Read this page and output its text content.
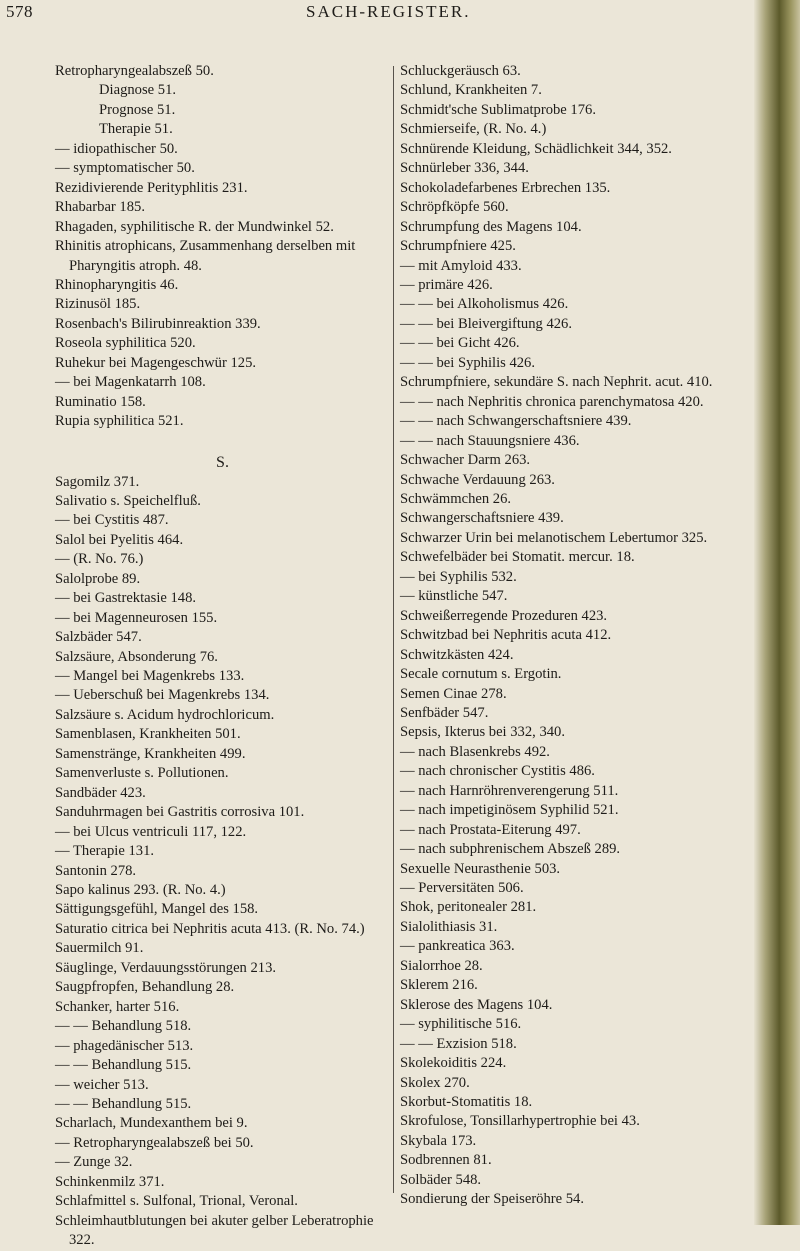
578	SACH-REGISTER.
Retropharyngealabszeß 50.
Diagnose 51.
Prognose 51.
Therapie 51.
— idiopathischer 50.
— symptomatischer 50.
Rezidivierende Perityphlitis 231.
Rhabarbar 185.
Rhagaden, syphilitische R. der Mundwinkel 52.
Rhinitis atrophicans, Zusammenhang derselben mit Pharyngitis atroph. 48.
Rhinopharyngitis 46.
Rizinusöl 185.
Rosenbach's Bilirubinreaktion 339.
Roseola syphilitica 520.
Ruhekur bei Magengeschwür 125.
— bei Magenkatarrh 108.
Ruminatio 158.
Rupia syphilitica 521.
S.
Sagomilz 371.
Salivatio s. Speichelfluß.
— bei Cystitis 487.
Salol bei Pyelitis 464.
— (R. No. 76.)
Salolprobe 89.
— bei Gastrektasie 148.
— bei Magenneurosen 155.
Salzbäder 547.
Salzsäure, Absonderung 76.
— Mangel bei Magenkrebs 133.
— Ueberschuß bei Magenkrebs 134.
Salzsäure s. Acidum hydrochloricum.
Samenblasen, Krankheiten 501.
Samenstränge, Krankheiten 499.
Samenverluste s. Pollutionen.
Sandbäder 423.
Sanduhrmagen bei Gastritis corrosiva 101.
— bei Ulcus ventriculi 117, 122.
— Therapie 131.
Santonin 278.
Sapo kalinus 293. (R. No. 4.)
Sättigungsgefühl, Mangel des 158.
Saturatio citrica bei Nephritis acuta 413. (R. No. 74.)
Sauermilch 91.
Säuglinge, Verdauungsstörungen 213.
Saugpfropfen, Behandlung 28.
Schanker, harter 516.
— — Behandlung 518.
— phagedänischer 513.
— — Behandlung 515.
— weicher 513.
— — Behandlung 515.
Scharlach, Mundexanthem bei 9.
— Retropharyngealabszeß bei 50.
— Zunge 32.
Schinkenmilz 371.
Schlafmittel s. Sulfonal, Trional, Veronal.
Schleimhautblutungen bei akuter gelber Leberatrophie 322.
Schluckgeräusch 63.
Schlund, Krankheiten 7.
Schmidt'sche Sublimatprobe 176.
Schmierseife, (R. No. 4.)
Schnürende Kleidung, Schädlichkeit 344, 352.
Schnürleber 336, 344.
Schokoladefarbenes Erbrechen 135.
Schröpfköpfe 560.
Schrumpfung des Magens 104.
Schrumpfniere 425.
— mit Amyloid 433.
— primäre 426.
— — bei Alkoholismus 426.
— — bei Bleivergiftung 426.
— — bei Gicht 426.
— — bei Syphilis 426.
Schrumpfniere, sekundäre S. nach Nephrit. acut. 410.
— — nach Nephritis chronica parenchymatosa 420.
— — nach Schwangerschaftsniere 439.
— — nach Stauungsniere 436.
Schwacher Darm 263.
Schwache Verdauung 263.
Schwämmchen 26.
Schwangerschaftsniere 439.
Schwarzer Urin bei melanotischem Lebertumor 325.
Schwefelbäder bei Stomatit. mercur. 18.
— bei Syphilis 532.
— künstliche 547.
Schweißerregende Prozeduren 423.
Schwitzbad bei Nephritis acuta 412.
Schwitzkästen 424.
Secale cornutum s. Ergotin.
Semen Cinae 278.
Senfbäder 547.
Sepsis, Ikterus bei 332, 340.
— nach Blasenkrebs 492.
— nach chronischer Cystitis 486.
— nach Harnröhrenverengerung 511.
— nach impetiginösem Syphilid 521.
— nach Prostata-Eiterung 497.
— nach subphrenischem Abszeß 289.
Sexuelle Neurasthenie 503.
— Perversitäten 506.
Shok, peritonealer 281.
Sialolithiasis 31.
— pankreatica 363.
Sialorrhoe 28.
Sklerem 216.
Sklerose des Magens 104.
— syphilitische 516.
— — Exzision 518.
Skolekoiditis 224.
Skolex 270.
Skorbut-Stomatitis 18.
Skrofulose, Tonsillarhypertrophie bei 43.
Skybala 173.
Sodbrennen 81.
Solbäder 548.
Sondierung der Speiseröhre 54.
